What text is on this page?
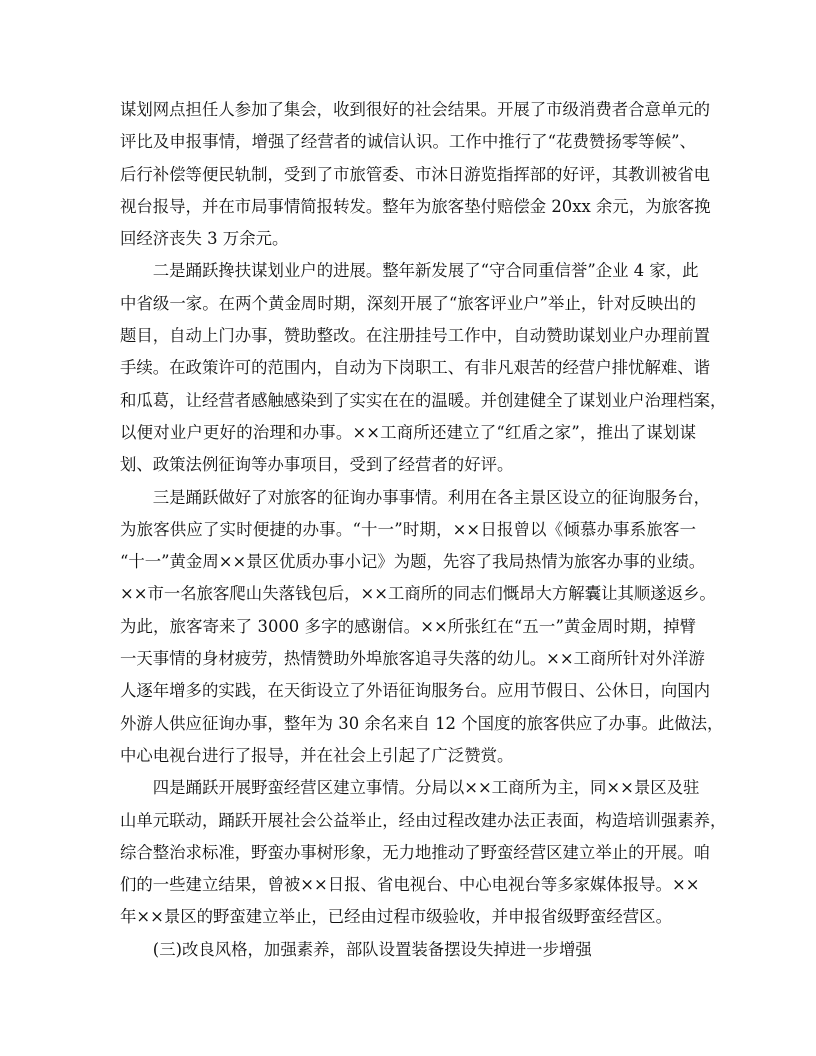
谋划网点担任人参加了集会，收到很好的社会结果。开展了市级消费者合意单元的
评比及申报事情，增强了经营者的诚信认识。工作中推行了“花费赞扬零等候”、
后行补偿等便民轨制，受到了市旅管委、市沐日游览指挥部的好评，其教训被省电
视台报导，并在市局事情简报转发。整年为旅客垫付赔偿金 20xx 余元，为旅客挽
回经济丧失 3 万余元。
二是踊跃搀扶谋划业户的进展。整年新发展了“守合同重信誉”企业 4 家，此
中省级一家。在两个黄金周时期，深刻开展了“旅客评业户”举止，针对反映出的
题目，自动上门办事，赞助整改。在注册挂号工作中，自动赞助谋划业户办理前置
手续。在政策许可的范围内，自动为下岗职工、有非凡艰苦的经营户排忧解难、谐
和瓜葛，让经营者感触感染到了实实在在的温暖。并创建健全了谋划业户治理档案，
以便对业户更好的治理和办事。××工商所还建立了“红盾之家”，推出了谋划谋
划、政策法例征询等办事项目，受到了经营者的好评。
三是踊跃做好了对旅客的征询办事事情。利用在各主景区设立的征询服务台，
为旅客供应了实时便捷的办事。“十一”时期，××日报曾以《倾慕办事系旅客一
“十一”黄金周××景区优质办事小记》为题，先容了我局热情为旅客办事的业绩。
××市一名旅客爬山失落钱包后，××工商所的同志们慨昂大方解囊让其顺遂返乡。
为此，旅客寄来了 3000 多字的感谢信。××所张红在“五一”黄金周时期，掉臂
一天事情的身材疲劳，热情赞助外埠旅客追寻失落的幼儿。××工商所针对外洋游
人逐年增多的实践，在天街设立了外语征询服务台。应用节假日、公休日，向国内
外游人供应征询办事，整年为 30 余名来自 12 个国度的旅客供应了办事。此做法，
中心电视台进行了报导，并在社会上引起了广泛赞赏。
四是踊跃开展野蛮经营区建立事情。分局以××工商所为主，同××景区及驻
山单元联动，踊跃开展社会公益举止，经由过程改建办法正表面，构造培训强素养，
综合整治求标准，野蛮办事树形象，无力地推动了野蛮经营区建立举止的开展。咱
们的一些建立结果，曾被××日报、省电视台、中心电视台等多家媒体报导。××
年××景区的野蛮建立举止，已经由过程市级验收，并申报省级野蛮经营区。
(三)改良风格，加强素养，部队设置装备摆设失掉进一步增强
